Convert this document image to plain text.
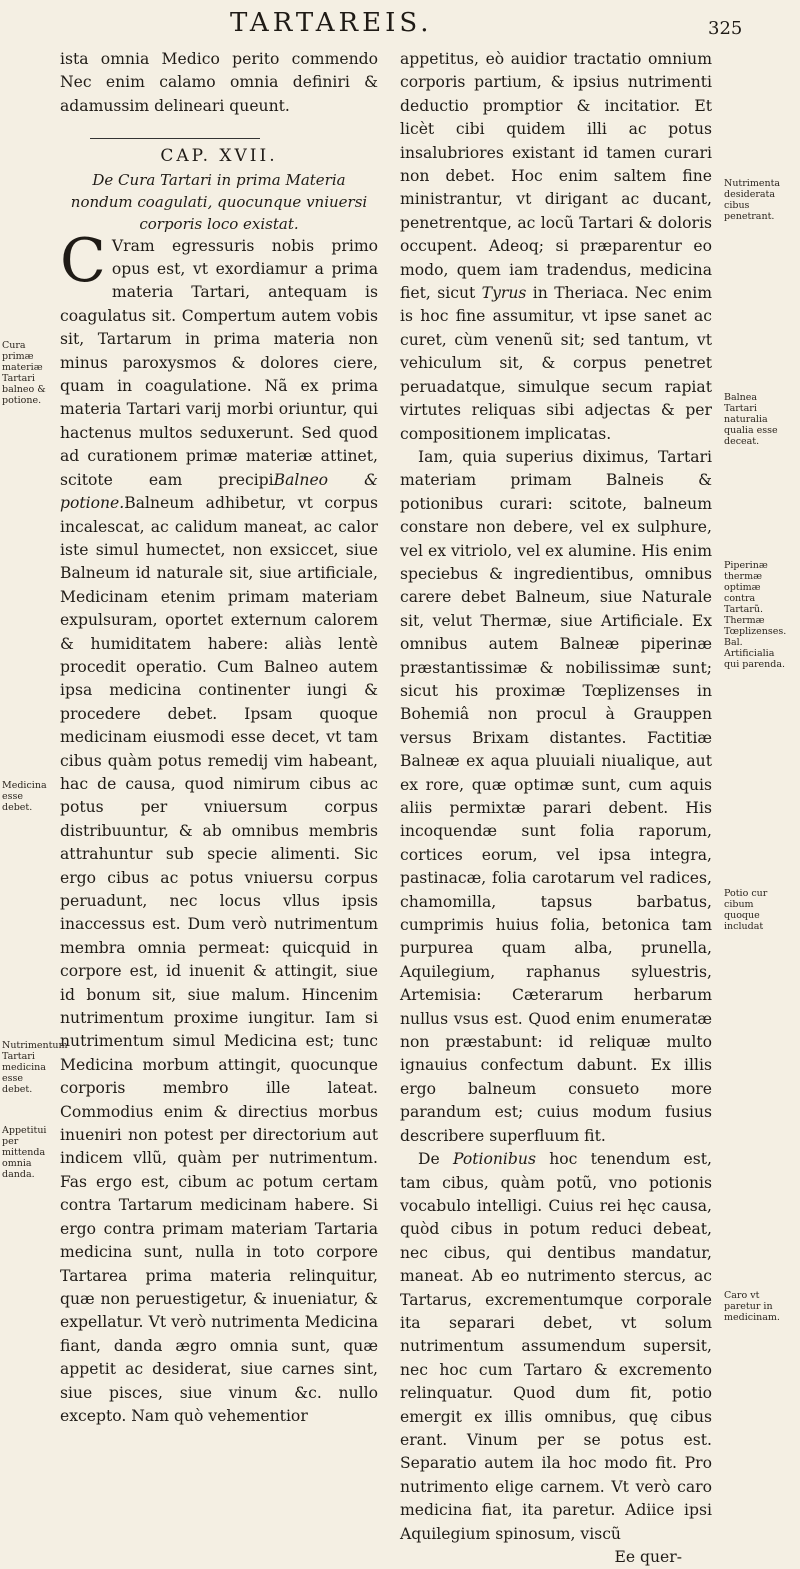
TARTAREIS.	325

ista omnia Medico perito commendo Nec enim calamo omnia definiri & adamussim delineari queunt.

CAP. XVII.

De Cura Tartari in prima Materia nondum coagulati, quocunque vniuersi corporis loco existat.

C Vram egressuris nobis primo opus est, vt exordiamur a prima materia Tartari, antequam is coagulatus sit. Compertum autem vobis sit, Tartarum in prima materia non minus paroxysmos & dolores ciere, quam in coagulatione. Nã ex prima materia Tartari varij morbi oriuntur, qui hactenus multos seduxerunt. Sed quod ad curationem primæ materiæ attinet, scitote eam precipiBalneo & potione.Balneum adhibetur, vt corpus incalescat, ac calidum maneat, ac calor iste simul humectet, non exsiccet, siue Balneum id naturale sit, siue artificiale, Medicinam etenim primam materiam expulsuram, oportet externum calorem & humiditatem habere: aliàs lentè procedit operatio. Cum Balneo autem ipsa medicina continenter iungi & procedere debet. Ipsam quoque medicinam eiusmodi esse decet, vt tam cibus quàm potus remedij vim habeant, hac de causa, quod nimirum cibus ac potus per vniuersum corpus distribuuntur, & ab omnibus membris attrahuntur sub specie alimenti. Sic ergo cibus ac potus vniuersu corpus peruadunt, nec locus vllus ipsis inaccessus est. Dum verò nutrimentum membra omnia permeat: quicquid in corpore est, id inuenit & attingit, siue id bonum sit, siue malum. Hincenim nutrimentum proxime iungitur. Iam si nutrimentum simul Medicina est; tunc Medicina morbum attingit, quocunque corporis membro ille lateat. Commodius enim & directius morbus inueniri non potest per directorium aut indicem vllũ, quàm per nutrimentum. Fas ergo est, cibum ac potum certam contra Tartarum medicinam habere. Si ergo contra primam materiam Tartaria medicina sunt, nulla in toto corpore Tartarea prima materia relinquitur, quæ non peruestigetur, & inueniatur, & expellatur. Vt verò nutrimenta Medicina fiant, danda ægro omnia sunt, quæ appetit ac desiderat, siue carnes sint, siue pisces, siue vinum &c. nullo excepto. Nam quò vehementior

appetitus, eò auidior tractatio omnium corporis partium, & ipsius nutrimenti deductio promptior & incitatior. Et licèt cibi quidem illi ac potus insalubriores existant id tamen curari non debet. Hoc enim saltem fine ministrantur, vt dirigant ac ducant, penetrentque, ac locũ Tartari & doloris occupent. Adeoq; si præparentur eo modo, quem iam tradendus, medicina fiet, sicut Tyrus in Theriaca. Nec enim is hoc fine assumitur, vt ipse sanet ac curet, cùm venenũ sit; sed tantum, vt vehiculum sit, & corpus penetret peruadatque, simulque secum rapiat virtutes reliquas sibi adjectas & per compositionem implicatas.

Iam, quia superius diximus, Tartari materiam primam Balneis & potionibus curari: scitote, balneum constare non debere, vel ex sulphure, vel ex vitriolo, vel ex alumine. His enim speciebus & ingredientibus, omnibus carere debet Balneum, siue Naturale sit, velut Thermæ, siue Artificiale. Ex omnibus autem Balneæ piperinæ præstantissimæ & nobilissimæ sunt; sicut his proximæ Tœplizenses in Bohemiâ non procul à Grauppen versus Brixam distantes. Factitiæ Balneæ ex aqua pluuiali niualique, aut ex rore, quæ optimæ sunt, cum aquis aliis permixtæ parari debent. His incoquendæ sunt folia raporum, cortices eorum, vel ipsa integra, pastinacæ, folia carotarum vel radices, chamomilla, tapsus barbatus, cumprimis huius folia, betonica tam purpurea quam alba, prunella, Aquilegium, raphanus syluestris, Artemisia: Cæterarum herbarum nullus vsus est. Quod enim enumeratæ non præstabunt: id reliquæ multo ignauius confectum dabunt. Ex illis ergo balneum consueto more parandum est; cuius modum fusius describere superfluum fit.

De Potionibus hoc tenendum est, tam cibus, quàm potũ, vno potionis vocabulo intelligi. Cuius rei hęc causa, quòd cibus in potum reduci debeat, nec cibus, qui dentibus mandatur, maneat. Ab eo nutrimento stercus, ac Tartarus, excrementumque corporale ita separari debet, vt solum nutrimentum assumendum supersit, nec hoc cum Tartaro & excremento relinquatur. Quod dum fit, potio emergit ex illis omnibus, quę cibus erant. Vinum per se potus est. Separatio autem ila hoc modo fit. Pro nutrimento elige carnem. Vt verò caro medicina fiat, ita paretur. Adiice ipsi Aquilegium spinosum, viscũ

Ee quer-

Cura primæ materiæ Tartari balneo & potione.
Medicina esse debet.
Nutrimentum Tartari medicina esse debet.
Appetitui per mittenda omnia danda.
Nutrimenta desiderata cibus penetrant.
Balnea Tartari naturalia qualia esse deceat.
Piperinæ thermæ optimæ contra Tartarũ. Thermæ Tœplizenses. Bal. Artificialia qui parenda.
Potio cur cibum quoque includat
Caro vt paretur in medicinam.
